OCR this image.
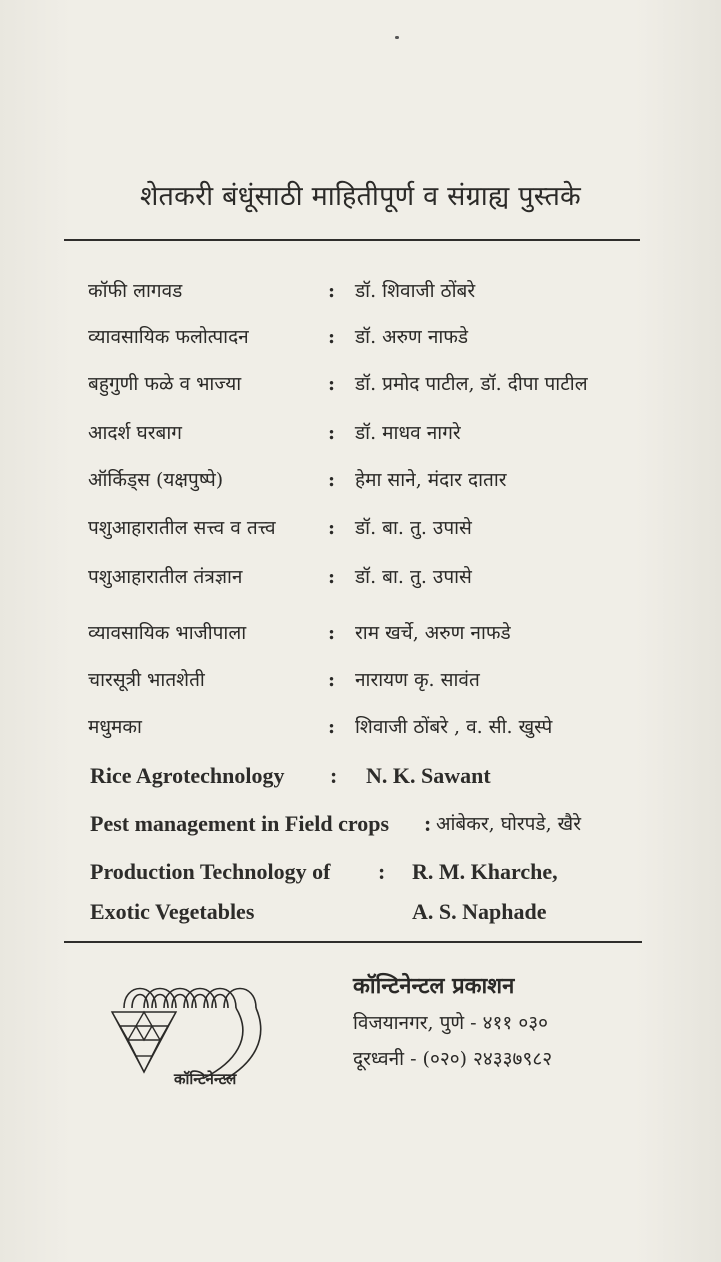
शेतकरी बंधूंसाठी माहितीपूर्ण व संग्राह्य पुस्तके
कॉफी लागवड	: डॉ. शिवाजी ठोंबरे
व्यावसायिक फलोत्पादन	: डॉ. अरुण नाफडे
बहुगुणी फळे व भाज्या	: डॉ. प्रमोद पाटील, डॉ. दीपा पाटील
आदर्श घरबाग	: डॉ. माधव नागरे
ऑर्किड्स (यक्षपुष्पे)	: हेमा साने, मंदार दातार
पशुआहारातील सत्त्व व तत्त्व	: डॉ. बा. तु. उपासे
पशुआहारातील तंत्रज्ञान	: डॉ. बा. तु. उपासे
व्यावसायिक भाजीपाला	: राम खर्चे, अरुण नाफडे
चारसूत्री भातशेती	: नारायण कृ. सावंत
मधुमका	: शिवाजी ठोंबरे , व. सी. खुस्पे
Rice Agrotechnology : N. K. Sawant
Pest management in Field crops : आंबेकर, घोरपडे, खैरे
Production Technology of : R. M. Kharche,
Exotic Vegetables	A. S. Naphade
कॉन्टिनेन्टल
कॉन्टिनेन्टल प्रकाशन
विजयानगर, पुणे - ४११ ०३०
दूरध्वनी - (०२०) २४३३७९८२
